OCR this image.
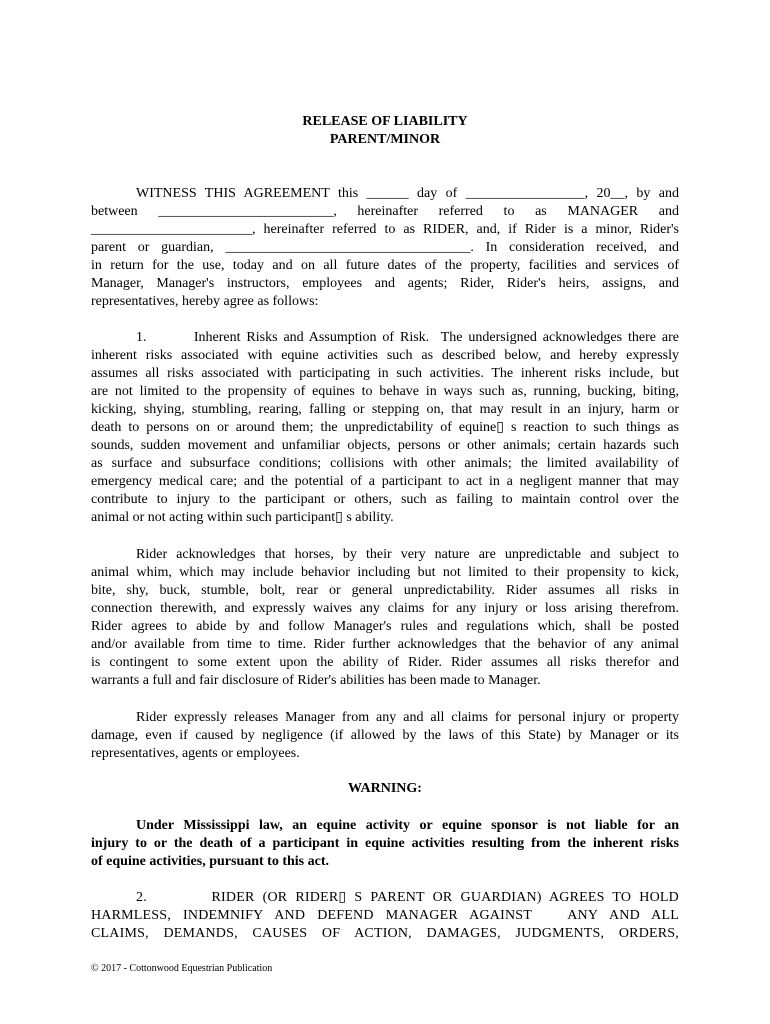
RELEASE OF LIABILITY
PARENT/MINOR
WITNESS THIS AGREEMENT this ______ day of _________________, 20__, by and
between _________________________, hereinafter referred to as MANAGER and
_______________________, hereinafter referred to as RIDER, and, if Rider is a minor, Rider's
parent or guardian, ___________________________________. In consideration received, and
in return for the use, today and on all future dates of the property, facilities and services of
Manager, Manager's instructors, employees and agents; Rider, Rider's heirs, assigns, and
representatives, hereby agree as follows:
1.        Inherent Risks and Assumption of Risk.  The undersigned acknowledges there are
inherent risks associated with equine activities such as described below, and hereby expressly
assumes all risks associated with participating in such activities. The inherent risks include, but
are not limited to the propensity of equines to behave in ways such as, running, bucking, biting,
kicking, shying, stumbling, rearing, falling or stepping on, that may result in an injury, harm or
death to persons on or around them; the unpredictability of equine▯ s reaction to such things as
sounds, sudden movement and unfamiliar objects, persons or other animals; certain hazards such
as surface and subsurface conditions; collisions with other animals; the limited availability of
emergency medical care; and the potential of a participant to act in a negligent manner that may
contribute to injury to the participant or others, such as failing to maintain control over the
animal or not acting within such participant▯ s ability.
Rider acknowledges that horses, by their very nature are unpredictable and subject to
animal whim, which may include behavior including but not limited to their propensity to kick,
bite, shy, buck, stumble, bolt, rear or general unpredictability. Rider assumes all risks in
connection therewith, and expressly waives any claims for any injury or loss arising therefrom.
Rider agrees to abide by and follow Manager's rules and regulations which, shall be posted
and/or available from time to time. Rider further acknowledges that the behavior of any animal
is contingent to some extent upon the ability of Rider. Rider assumes all risks therefor and
warrants a full and fair disclosure of Rider's abilities has been made to Manager.
Rider expressly releases Manager from any and all claims for personal injury or property
damage, even if caused by negligence (if allowed by the laws of this State) by Manager or its
representatives, agents or employees.
WARNING:
Under Mississippi law, an equine activity or equine sponsor is not liable for an
injury to or the death of a participant in equine activities resulting from the inherent risks
of equine activities, pursuant to this act.
2.        RIDER (OR RIDER▯ S PARENT OR GUARDIAN) AGREES TO HOLD
HARMLESS, INDEMNIFY AND DEFEND MANAGER AGAINST   ANY AND ALL
CLAIMS, DEMANDS, CAUSES OF ACTION, DAMAGES, JUDGMENTS, ORDERS,
© 2017 - Cottonwood Equestrian Publication
